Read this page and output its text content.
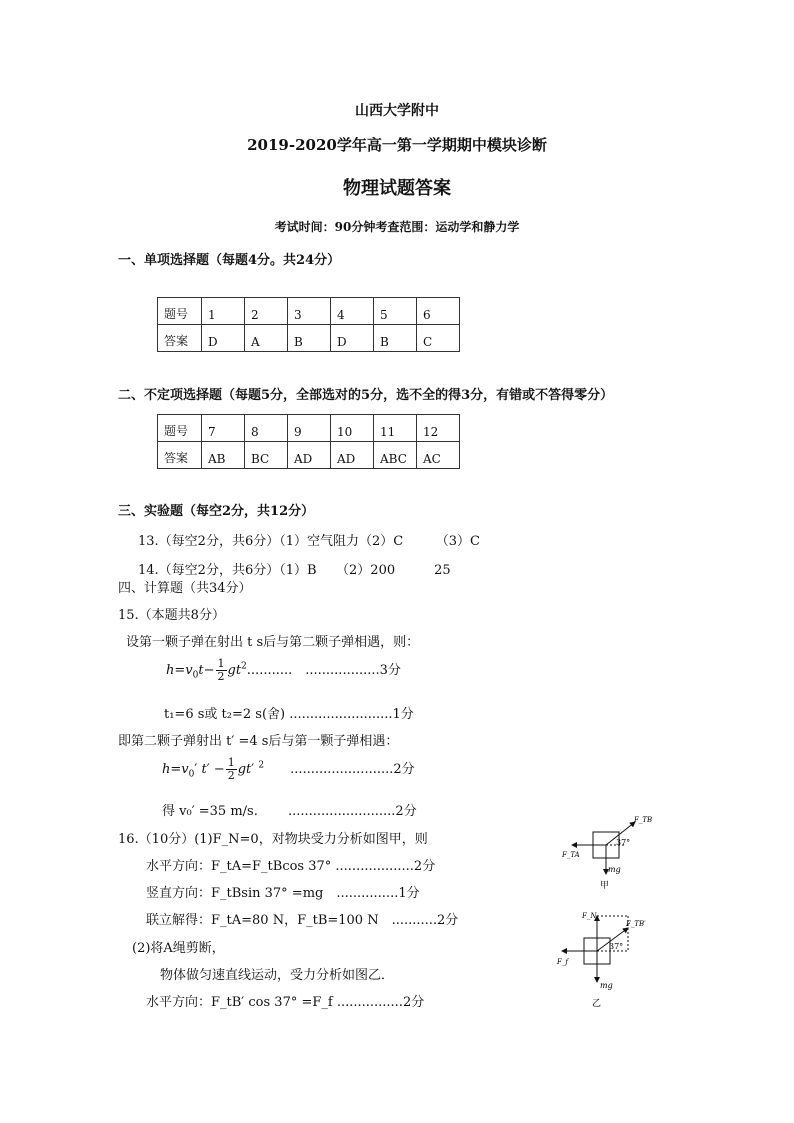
山西大学附中
2019-2020学年高一第一学期期中模块诊断
物理试题答案
考试时间：90分钟考查范围：运动学和静力学
一、单项选择题（每题4分。共24分）
题号	1	2	3	4	5	6
答案	D	A	B	D	B	C
二、不定项选择题（每题5分，全部选对的5分，选不全的得3分，有错或不答得零分）
题号	7	8	9	10	11	12
答案	AB	BC	AD	AD	ABC	AC
三、实验题（每空2分，共12分）
13.（每空2分，共6分）（1）空气阻力（2）C　　　（3）C
14.（每空2分，共6分）（1）B　　（2）200　　　25
四、计算题（共34分）
15.（本题共8分）
设第一颗子弹在射出 t s后与第二颗子弹相遇，则：
$h=v_0t- \frac{1}{2} gt^2$...........　..................3分
t₁=6 s或 t₂=2 s(舍) .........................1分
即第二颗子弹射出 t′ =4 s后与第一颗子弹相遇：
$h=v_0'$ $t' - \frac{1}{2} gt'$ $^2$　　.........................2分
得 v₀′ =35 m/s.　　 ..........................2分
16.（10分）(1)F_N=0，对物块受力分析如图甲，则
水平方向：F_tA=F_tBcos 37° ...................2分
竖直方向：F_tBsin 37° =mg　...............1分
联立解得：F_tA=80 N，F_tB=100 N　...........2分
(2)将A绳剪断，
物体做匀速直线运动，受力分析如图乙．
水平方向：F_tB′ cos 37° =F_f ................2分
F_TB
F_TA
37°
mg
甲
F_N
F_TB′
F_f
37°
mg
乙
